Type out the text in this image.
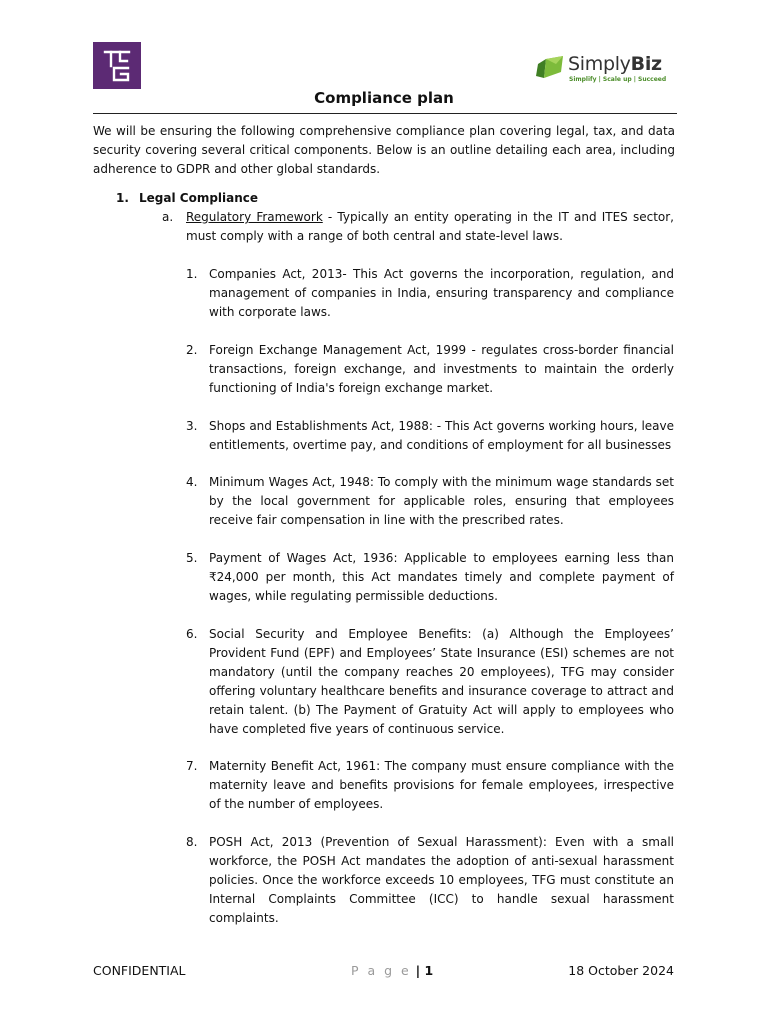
SimplyBiz
Simplify | Scale up | Succeed
Compliance plan
We will be ensuring the following comprehensive compliance plan covering legal, tax, and data security covering several critical components. Below is an outline detailing each area, including adherence to GDPR and other global standards.
1. Legal Compliance
a. Regulatory Framework - Typically an entity operating in the IT and ITES sector, must comply with a range of both central and state-level laws.
1. Companies Act, 2013- This Act governs the incorporation, regulation, and management of companies in India, ensuring transparency and compliance with corporate laws.
2. Foreign Exchange Management Act, 1999 - regulates cross-border financial transactions, foreign exchange, and investments to maintain the orderly functioning of India's foreign exchange market.
3. Shops and Establishments Act, 1988: - This Act governs working hours, leave entitlements, overtime pay, and conditions of employment for all businesses
4. Minimum Wages Act, 1948: To comply with the minimum wage standards set by the local government for applicable roles, ensuring that employees receive fair compensation in line with the prescribed rates.
5. Payment of Wages Act, 1936: Applicable to employees earning less than ₹24,000 per month, this Act mandates timely and complete payment of wages, while regulating permissible deductions.
6. Social Security and Employee Benefits: (a) Although the Employees’ Provident Fund (EPF) and Employees’ State Insurance (ESI) schemes are not mandatory (until the company reaches 20 employees), TFG may consider offering voluntary healthcare benefits and insurance coverage to attract and retain talent. (b) The Payment of Gratuity Act will apply to employees who have completed five years of continuous service.
7. Maternity Benefit Act, 1961: The company must ensure compliance with the maternity leave and benefits provisions for female employees, irrespective of the number of employees.
8. POSH Act, 2013 (Prevention of Sexual Harassment): Even with a small workforce, the POSH Act mandates the adoption of anti-sexual harassment policies. Once the workforce exceeds 10 employees, TFG must constitute an Internal Complaints Committee (ICC) to handle sexual harassment complaints.
CONFIDENTIAL	P a g e | 1	18 October 2024
